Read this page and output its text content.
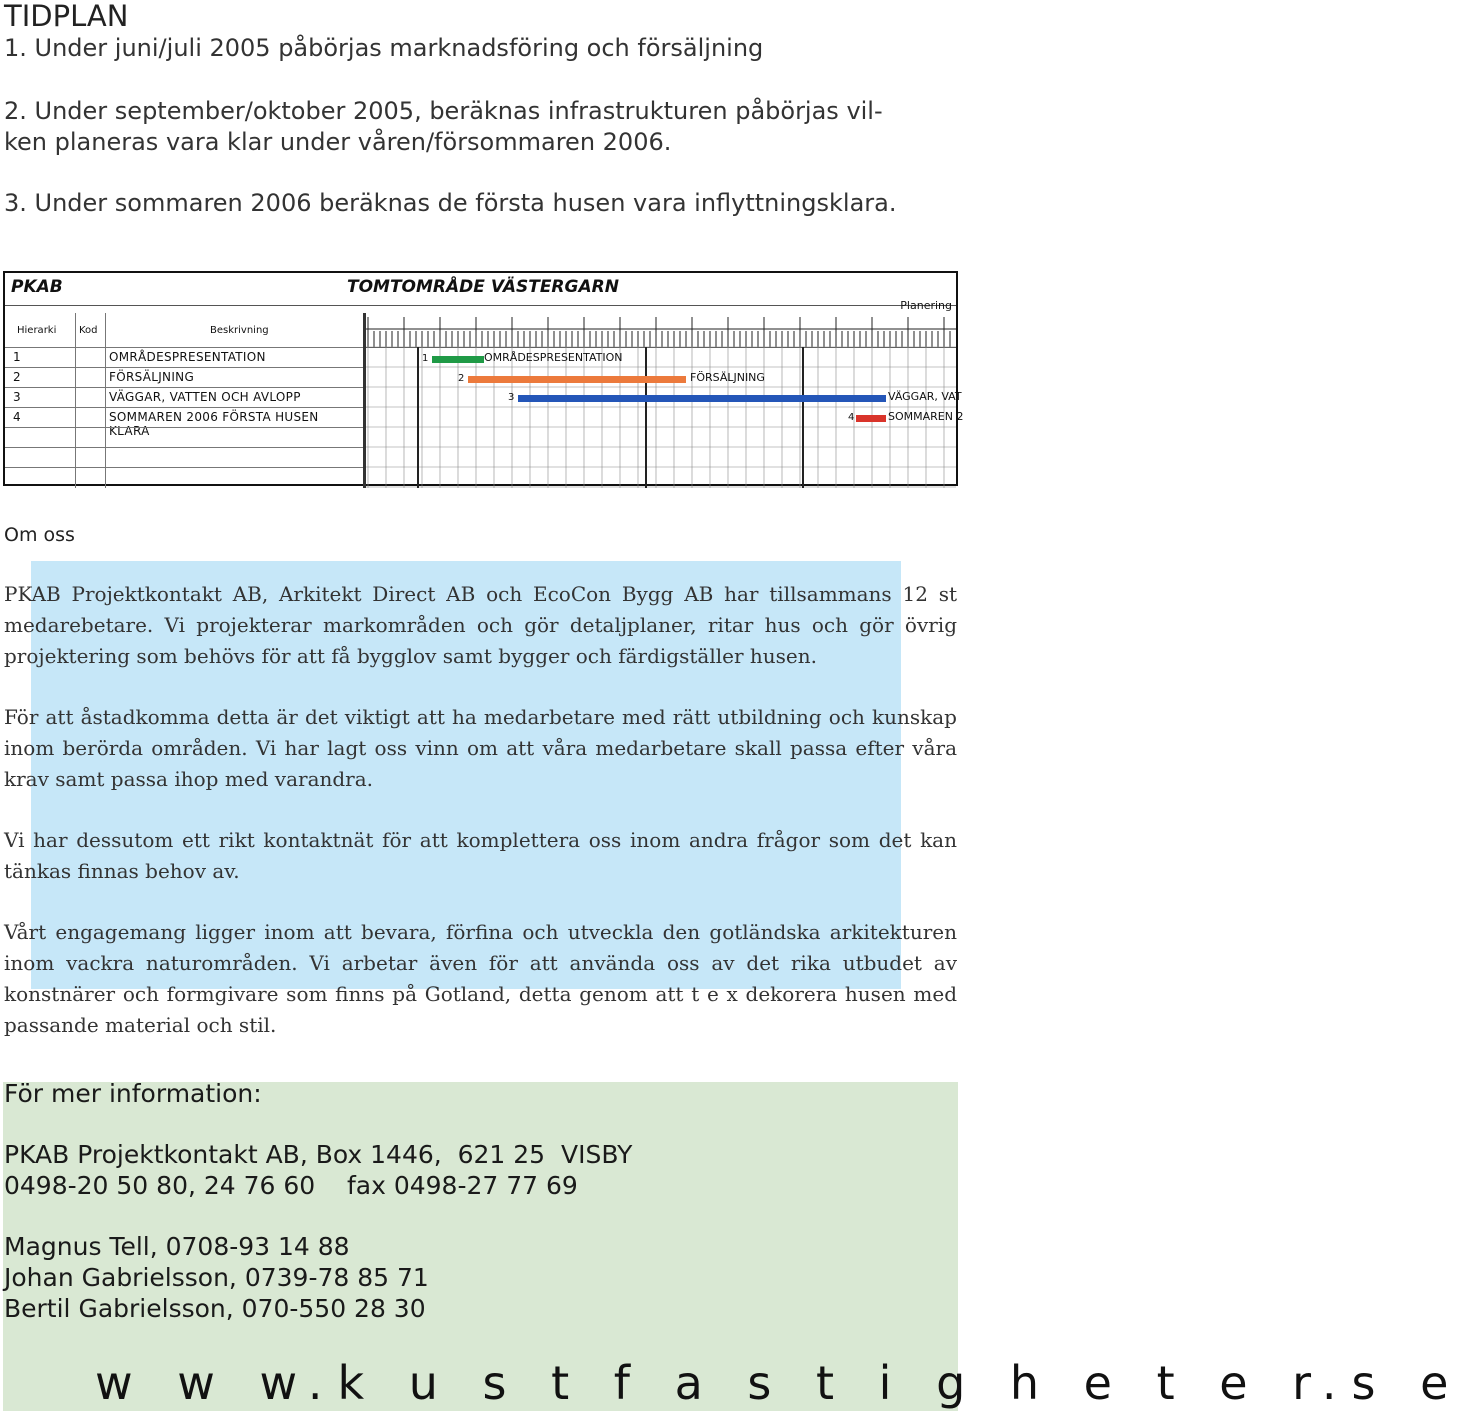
TIDPLAN

1. Under juni/juli 2005 påbörjas marknadsföring och försäljning

2. Under september/oktober 2005, beräknas infrastrukturen påbörjas vil-

ken planeras vara klar under våren/försommaren 2006.

3. Under sommaren 2006 beräknas de första husen vara inflyttningsklara.

PKAB	TOMTOMRÅDE VÄSTERGARN
Planering
Hierarki Kod	Beskrivning
1	OMRÅDESPRESENTATION
2	FÖRSÄLJNING
3	VÄGGAR, VATTEN OCH AVLOPP
4	SOMMAREN 2006 FÖRSTA HUSEN KLARA
1	OMRÅDESPRESENTATION
2	FÖRSÄLJNING
3	VÄGGAR, VAT
4	SOMMAREN 2
Om oss

PKAB Projektkontakt AB, Arkitekt Direct AB och EcoCon Bygg AB har tillsammans 12 st medarebetare. Vi projekterar markområden och gör detaljplaner, ritar hus och gör övrig projektering som behövs för att få bygglov samt bygger och färdigställer husen.

För att åstadkomma detta är det viktigt att ha medarbetare med rätt utbildning och kunskap inom berörda områden. Vi har lagt oss vinn om att våra medarbetare skall passa efter våra krav samt passa ihop med varandra.

Vi har dessutom ett rikt kontaktnät för att komplettera oss inom andra frågor som det kan tänkas finnas behov av.

Vårt engagemang ligger inom att bevara, förfina och utveckla den gotländska arkitekturen inom vackra naturområden. Vi arbetar även för att använda oss av det rika utbudet av konstnärer och formgivare som finns på Gotland, detta genom att t e x dekorera husen med passande material och stil.

För mer information:

PKAB Projektkontakt AB, Box 1446,  621 25  VISBY

0498-20 50 80, 24 76 60    fax 0498-27 77 69

Magnus Tell, 0708-93 14 88

Johan Gabrielsson, 0739-78 85 71

Bertil Gabrielsson, 070-550 28 30

w w w.k u s t f a s t i g h e t e r.s e
